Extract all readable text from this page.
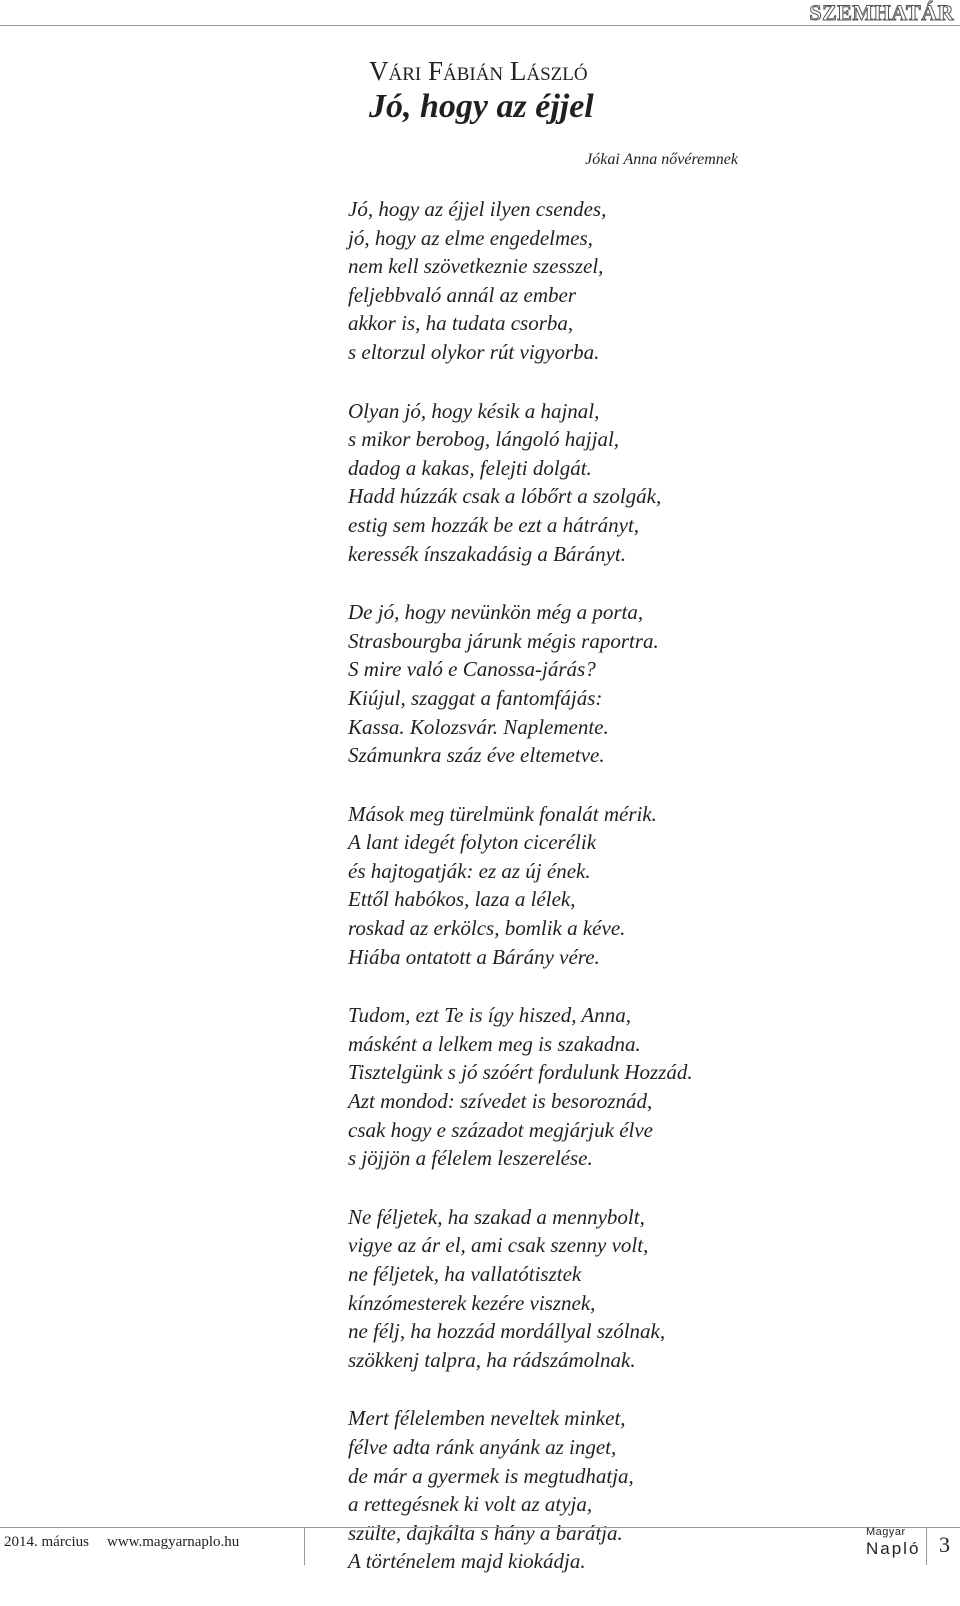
SZEMHATÁR
Vári Fábián László
Jó, hogy az éjjel
Jókai Anna nővéremnek
Jó, hogy az éjjel ilyen csendes,
jó, hogy az elme engedelmes,
nem kell szövetkeznie szesszel,
feljebbvaló annál az ember
akkor is, ha tudata csorba,
s eltorzul olykor rút vigyorba.
Olyan jó, hogy késik a hajnal,
s mikor berobog, lángoló hajjal,
dadog a kakas, felejti dolgát.
Hadd húzzák csak a lóbőrt a szolgák,
estig sem hozzák be ezt a hátrányt,
keressék ínszakadásig a Bárányt.
De jó, hogy nevünkön még a porta,
Strasbourgba járunk mégis raportra.
S mire való e Canossa-járás?
Kiújul, szaggat a fantomfájás:
Kassa. Kolozsvár. Naplemente.
Számunkra száz éve eltemetve.
Mások meg türelmünk fonalát mérik.
A lant idegét folyton cicerélik
és hajtogatják: ez az új ének.
Ettől habókos, laza a lélek,
roskad az erkölcs, bomlik a kéve.
Hiába ontatott a Bárány vére.
Tudom, ezt Te is így hiszed, Anna,
másként a lelkem meg is szakadna.
Tisztelgünk s jó szóért fordulunk Hozzád.
Azt mondod: szívedet is besoroznád,
csak hogy e századot megjárjuk élve
s jöjjön a félelem leszerelése.
Ne féljetek, ha szakad a mennybolt,
vigye az ár el, ami csak szenny volt,
ne féljetek, ha vallatótisztek
kínzómesterek kezére visznek,
ne félj, ha hozzád mordállyal szólnak,
szökkenj talpra, ha rádszámolnak.
Mert félelemben neveltek minket,
félve adta ránk anyánk az inget,
de már a gyermek is megtudhatja,
a rettegésnek ki volt az atyja,
szülte, dajkálta s hány a barátja.
A történelem majd kiokádja.
2014. március www.magyarnaplo.hu
Magyar
Napló 3
